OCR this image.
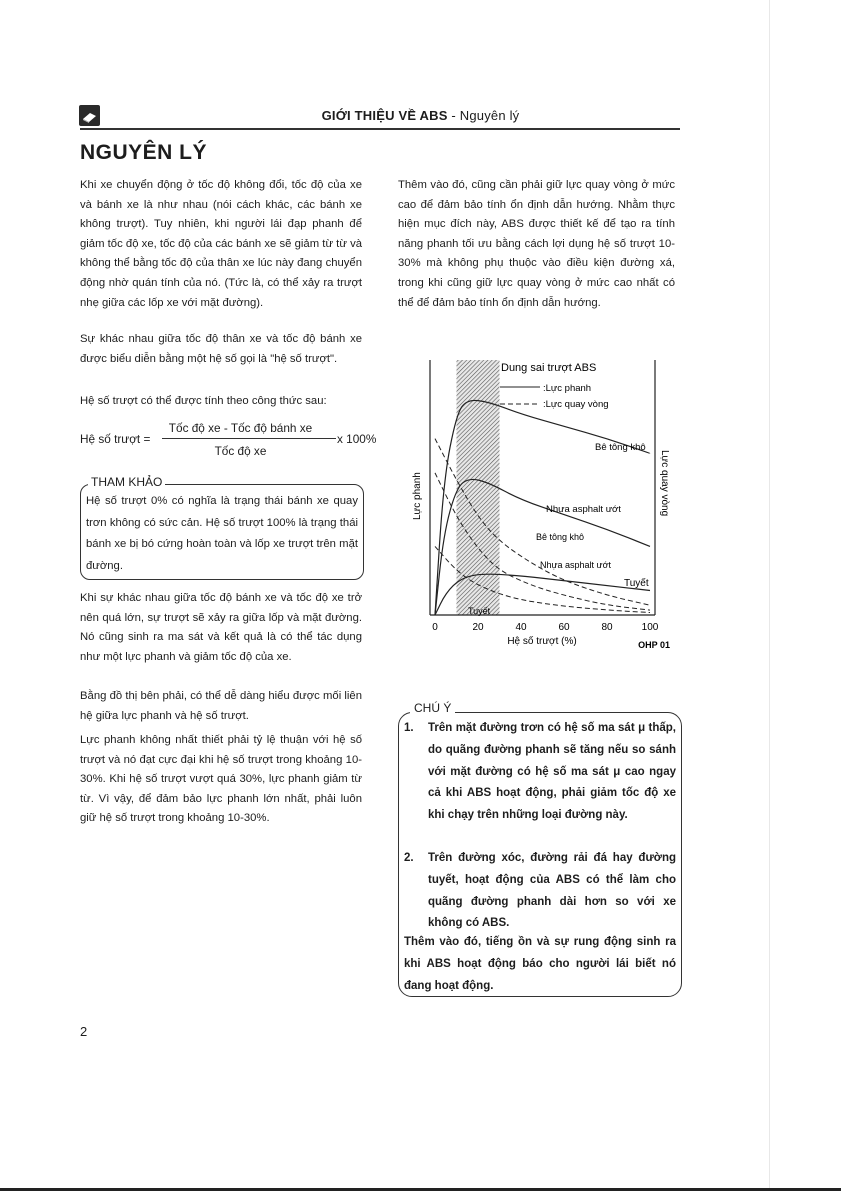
GIỚI THIỆU VỀ ABS - Nguyên lý
NGUYÊN LÝ
Khi xe chuyển động ở tốc độ không đổi, tốc độ của xe và bánh xe là như nhau (nói cách khác, các bánh xe không trượt). Tuy nhiên, khi người lái đạp phanh để giảm tốc độ xe, tốc độ của các bánh xe sẽ giảm từ từ và không thể bằng tốc độ của thân xe lúc này đang chuyển động nhờ quán tính của nó. (Tức là, có thể xảy ra trượt nhẹ giữa các lốp xe với mặt đường).
Sự khác nhau giữa tốc độ thân xe và tốc độ bánh xe được biểu diễn bằng một hệ số gọi là "hệ số trượt".
Hệ số trượt có thể được tính theo công thức sau:
Hệ số trượt =
Tốc độ xe - Tốc độ bánh xe
Tốc độ xe
x 100%
THAM KHẢO
Hệ số trượt 0% có nghĩa là trạng thái bánh xe quay trơn không có sức cản. Hệ số trượt 100% là trạng thái bánh xe bị bó cứng hoàn toàn và lốp xe trượt trên mặt đường.
Khi sự khác nhau giữa tốc độ bánh xe và tốc độ xe trở nên quá lớn, sự trượt sẽ xảy ra giữa lốp và mặt đường. Nó cũng sinh ra ma sát và kết quả là có thể tác dụng như một lực phanh và giảm tốc độ của xe.
Bằng đồ thị bên phải, có thể dễ dàng hiểu được mối liên hệ giữa lực phanh và hệ số trượt.
Lực phanh không nhất thiết phải tỷ lệ thuận với hệ số trượt và nó đạt cực đại khi hệ số trượt trong khoảng 10-30%. Khi hệ số trượt vượt quá 30%, lực phanh giảm từ từ. Vì vậy, để đảm bảo lực phanh lớn nhất, phải luôn giữ hệ số trượt trong khoảng 10-30%.
Thêm vào đó, cũng cần phải giữ lực quay vòng ở mức cao để đảm bảo tính ổn định dẫn hướng. Nhằm thực hiện mục đích này, ABS được thiết kế để tạo ra tính năng phanh tối ưu bằng cách lợi dụng hệ số trượt 10-30% mà không phụ thuộc vào điều kiện đường xá, trong khi cũng giữ lực quay vòng ở mức cao nhất có thể để đảm bảo tính ổn định dẫn hướng.
0	20	40	60	80	100
Dung sai trượt ABS
:Lực phanh
:Lực quay vòng
Bê tông khô
Nhựa asphalt ướt
Bê tông khô
Nhựa asphalt ướt
Tuyết
Tuyết
Lực phanh	Lực quay vòng
Hệ số trượt (%)	OHP 01
CHÚ Ý
1. Trên mặt đường trơn có hệ số ma sát μ thấp, do quãng đường phanh sẽ tăng nếu so sánh với mặt đường có hệ số ma sát μ cao ngay cả khi ABS hoạt động, phải giảm tốc độ xe khi chạy trên những loại đường này.
2. Trên đường xóc, đường rải đá hay đường tuyết, hoạt động của ABS có thể làm cho quãng đường phanh dài hơn so với xe không có ABS.
Thêm vào đó, tiếng ồn và sự rung động sinh ra khi ABS hoạt động báo cho người lái biết nó đang hoạt động.
2
